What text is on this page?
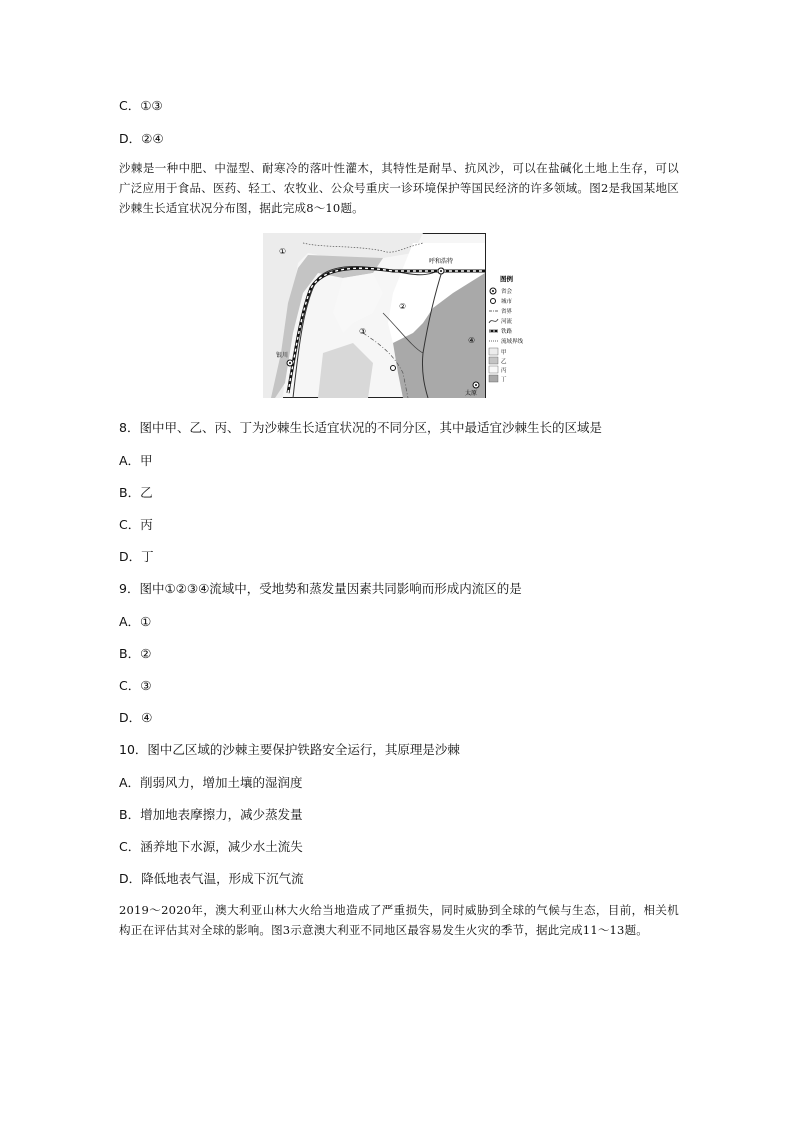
C．①③
D．②④
沙棘是一种中肥、中湿型、耐寒冷的落叶性灌木，其特性是耐旱、抗风沙，可以在盐碱化土地上生存，可以广泛应用于食品、医药、轻工、农牧业、公众号重庆一诊环境保护等国民经济的许多领域。图2是我国某地区沙棘生长适宜状况分布图，据此完成8～10题。
呼和浩特
银川
太原
①
②
③
④
图例
省会
城市
省界
河流
铁路
流域界线
甲
乙
丙
丁
8．图中甲、乙、丙、丁为沙棘生长适宜状况的不同分区，其中最适宜沙棘生长的区域是
A．甲
B．乙
C．丙
D．丁
9．图中①②③④流域中，受地势和蒸发量因素共同影响而形成内流区的是
A．①
B．②
C．③
D．④
10．图中乙区域的沙棘主要保护铁路安全运行，其原理是沙棘
A．削弱风力，增加土壤的湿润度
B．增加地表摩擦力，减少蒸发量
C．涵养地下水源，减少水土流失
D．降低地表气温，形成下沉气流
2019～2020年，澳大利亚山林大火给当地造成了严重损失，同时威胁到全球的气候与生态，目前，相关机构正在评估其对全球的影响。图3示意澳大利亚不同地区最容易发生火灾的季节，据此完成11～13题。
